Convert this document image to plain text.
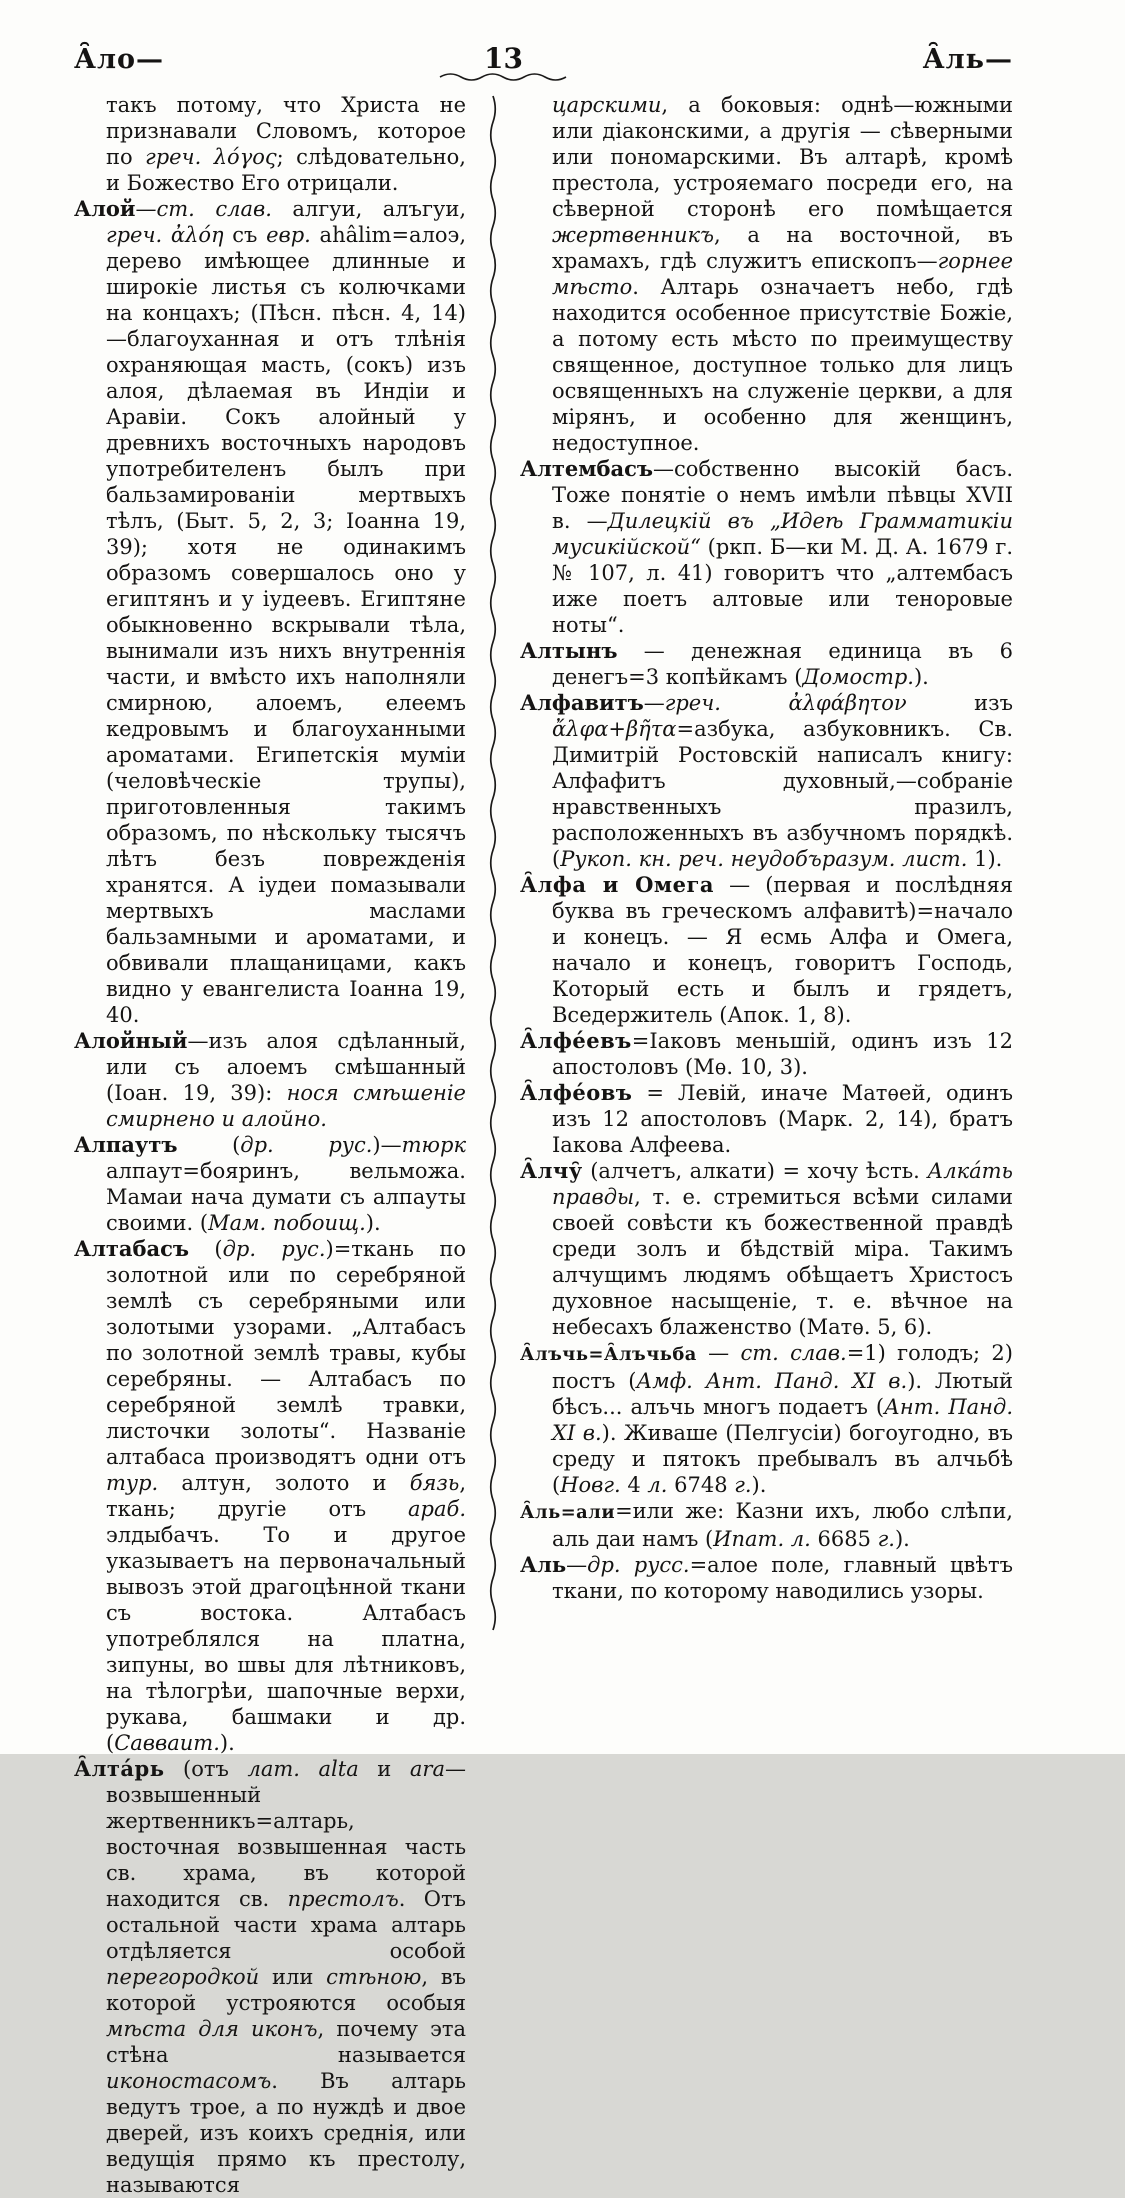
А̑ло—	13	А̑ль—

такъ потому, что Христа не признавали Словомъ, которое по греч. λόγος; слѣдовательно, и Божество Его отрицали.

Алой—ст. слав. алгуи, алъгуи, греч. ἀλόη съ евр. ahâlim=алоэ, дерево имѣющее длинные и широкіе листья съ колючками на концахъ; (Пѣсн. пѣсн. 4, 14)—благоуханная и отъ тлѣнія охраняющая масть, (сокъ) изъ алоя, дѣлаемая въ Индіи и Аравіи. Сокъ алойный у древнихъ восточныхъ народовъ употребителенъ былъ при бальзамированіи мертвыхъ тѣлъ, (Быт. 5, 2, 3; Іоанна 19, 39); хотя не одинакимъ образомъ совершалось оно у египтянъ и у іудеевъ. Египтяне обыкновенно вскрывали тѣла, вынимали изъ нихъ внутреннія части, и вмѣсто ихъ наполняли смирною, алоемъ, елеемъ кедровымъ и благоуханными ароматами. Египетскія муміи (человѣческіе трупы), приготовленныя такимъ образомъ, по нѣскольку тысячъ лѣтъ безъ поврежденія хранятся. А іудеи помазывали мертвыхъ маслами бальзамными и ароматами, и обвивали плащаницами, какъ видно у евангелиста Іоанна 19, 40.

Алойный—изъ алоя сдѣланный, или съ алоемъ смѣшанный (Іоан. 19, 39): нося смѣшеніе смирнено и алойно.

Алпаутъ (др. рус.)—тюрк алпаут=бояринъ, вельможа. Мамаи нача думати съ алпауты своими. (Мам. побоищ.).

Алтабасъ (др. рус.)=ткань по золотной или по серебряной землѣ съ серебряными или золотыми узорами. „Алтабасъ по золотной землѣ травы, кубы серебряны. — Алтабасъ по серебряной землѣ травки, листочки золоты“. Названіе алтабаса производятъ одни отъ тур. алтун, золото и бязь, ткань; другіе отъ араб. элдыбачъ. То и другое указываетъ на первоначальный вывозъ этой драгоцѣнной ткани съ востока. Алтабасъ употреблялся на платна, зипуны, во швы для лѣтниковъ, на тѣлогрѣи, шапочные верхи, рукава, башмаки и др. (Савваит.).

А̑лта́рь (отъ лат. alta и ara—возвышенный жертвенникъ=алтарь, восточная возвышенная часть св. храма, въ которой находится св. престолъ. Отъ остальной части храма алтарь отдѣляется особой перегородкой или стѣною, въ которой устрояются особыя мѣста для иконъ, почему эта стѣна называется иконостасомъ. Въ алтарь ведутъ трое, а по нуждѣ и двое дверей, изъ коихъ среднія, или ведущія прямо къ престолу, называются

царскими, а боковыя: однѣ—южными или діаконскими, а другія — сѣверными или пономарскими. Въ алтарѣ, кромѣ престола, устрояемаго посреди его, на сѣверной сторонѣ его помѣщается жертвенникъ, а на восточной, въ храмахъ, гдѣ служитъ епископъ—горнее мѣсто. Алтарь означаетъ небо, гдѣ находится особенное присутствіе Божіе, а потому есть мѣсто по преимуществу священное, доступное только для лицъ освященныхъ на служеніе церкви, а для мірянъ, и особенно для женщинъ, недоступное.

Алтембасъ—собственно высокій басъ. Тоже понятіе о немъ имѣли пѣвцы XVII в. —Дилецкій въ „Идеѣ Грамматикіи мусикійской“ (ркп. Б—ки М. Д. А. 1679 г. № 107, л. 41) говоритъ что „алтембасъ иже поетъ алтовые или теноровые ноты“.

Алтынъ — денежная единица въ 6 денегъ=3 копѣйкамъ (Домостр.).

Алфавитъ—греч.	ἀλφάβητον изъ ἄλφα+βῆτα=азбука, азбуковникъ. Св. Димитрій Ростовскій написалъ книгу: Алфафитъ духовный,—собраніе нравственныхъ празилъ, расположенныхъ въ азбучномъ порядкѣ. (Рукоп. кн. реч. неудобъразум. лист. 1).

А̑лфа и Омега — (первая и послѣдняя буква въ греческомъ алфавитѣ)=начало и конецъ. — Я есмь Алфа и Омега, начало и конецъ, говоритъ Господь, Который есть и былъ и грядетъ, Вседержитель (Апок. 1, 8).

А̑лфе́евъ=Іаковъ меньшій, одинъ изъ 12 апостоловъ (Мѳ. 10, 3).

А̑лфе́овъ = Левій, иначе Матѳей, одинъ изъ 12 апостоловъ (Марк. 2, 14), братъ Іакова Алфеева.

А̑лчу̑ (алчетъ, алкати) = хочу ѣсть. Алка́ть правды, т. е. стремиться всѣми силами своей совѣсти къ божественной правдѣ среди золъ и бѣдствій міра. Такимъ алчущимъ людямъ обѣщаетъ Христосъ духовное насыщеніе, т. е. вѣчное на небесахъ блаженство (Матѳ. 5, 6).

А̑лъчь=А̑лъчьба — ст. слав.=1) голодъ; 2) постъ (Амф. Ант. Панд. XI в.). Лютый бѣсъ... алъчь многъ подаетъ (Ант. Панд. XI в.). Живаше (Пелгусіи) богоугодно, въ среду и пятокъ пребывалъ въ алчьбѣ (Новг. 4 л. 6748 г.).

А̑ль=али=или же: Казни ихъ, любо слѣпи, аль даи намъ (Ипат. л. 6685 г.).

Аль—др. русс.=алое поле, главный цвѣтъ ткани, по которому наводились узоры.
